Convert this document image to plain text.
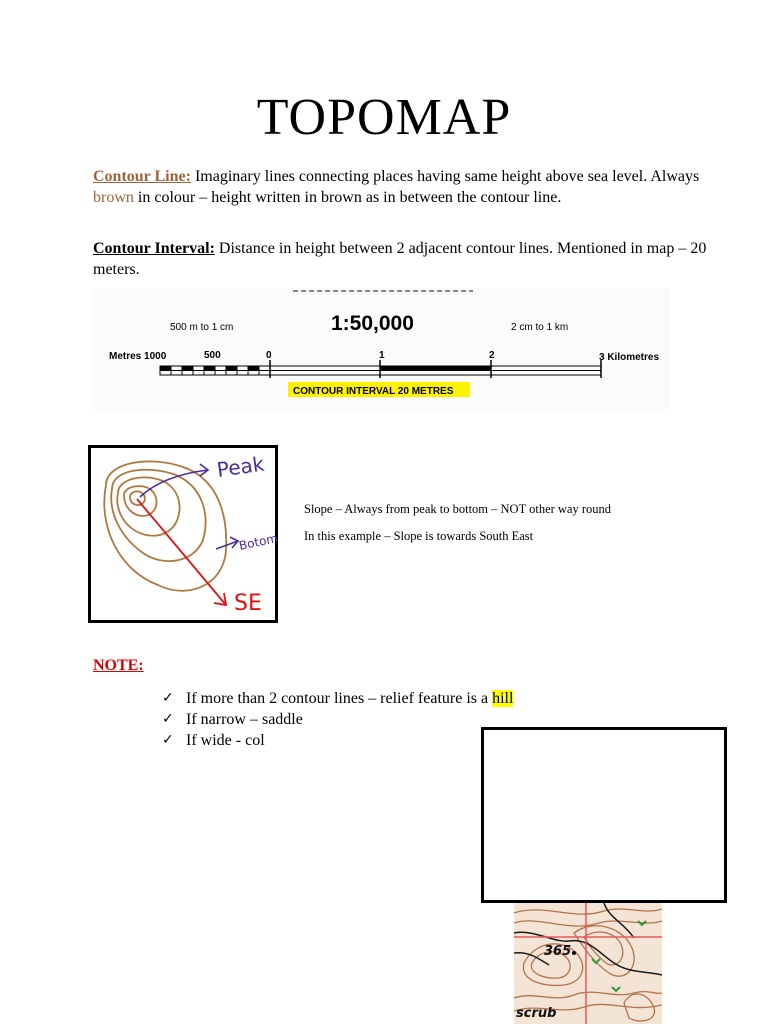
TOPOMAP

Contour Line: Imaginary lines connecting places having same height above sea level. Always brown in colour – height written in brown as in between the contour line.

Contour Interval: Distance in height between 2 adjacent contour lines. Mentioned in map – 20 meters.

500 m to 1 cm	1:50,000	2 cm to 1 km
Metres 1000	500	0	1	2	3 Kilometres
CONTOUR INTERVAL 20 METRES
Peak
Botom
SE
Slope – Always from peak to bottom – NOT other way round
In this example – Slope is towards South East
NOTE:
✓ If more than 2 contour lines – relief feature is a hill
✓ If narrow – saddle
✓ If wide - col
365
scrub
